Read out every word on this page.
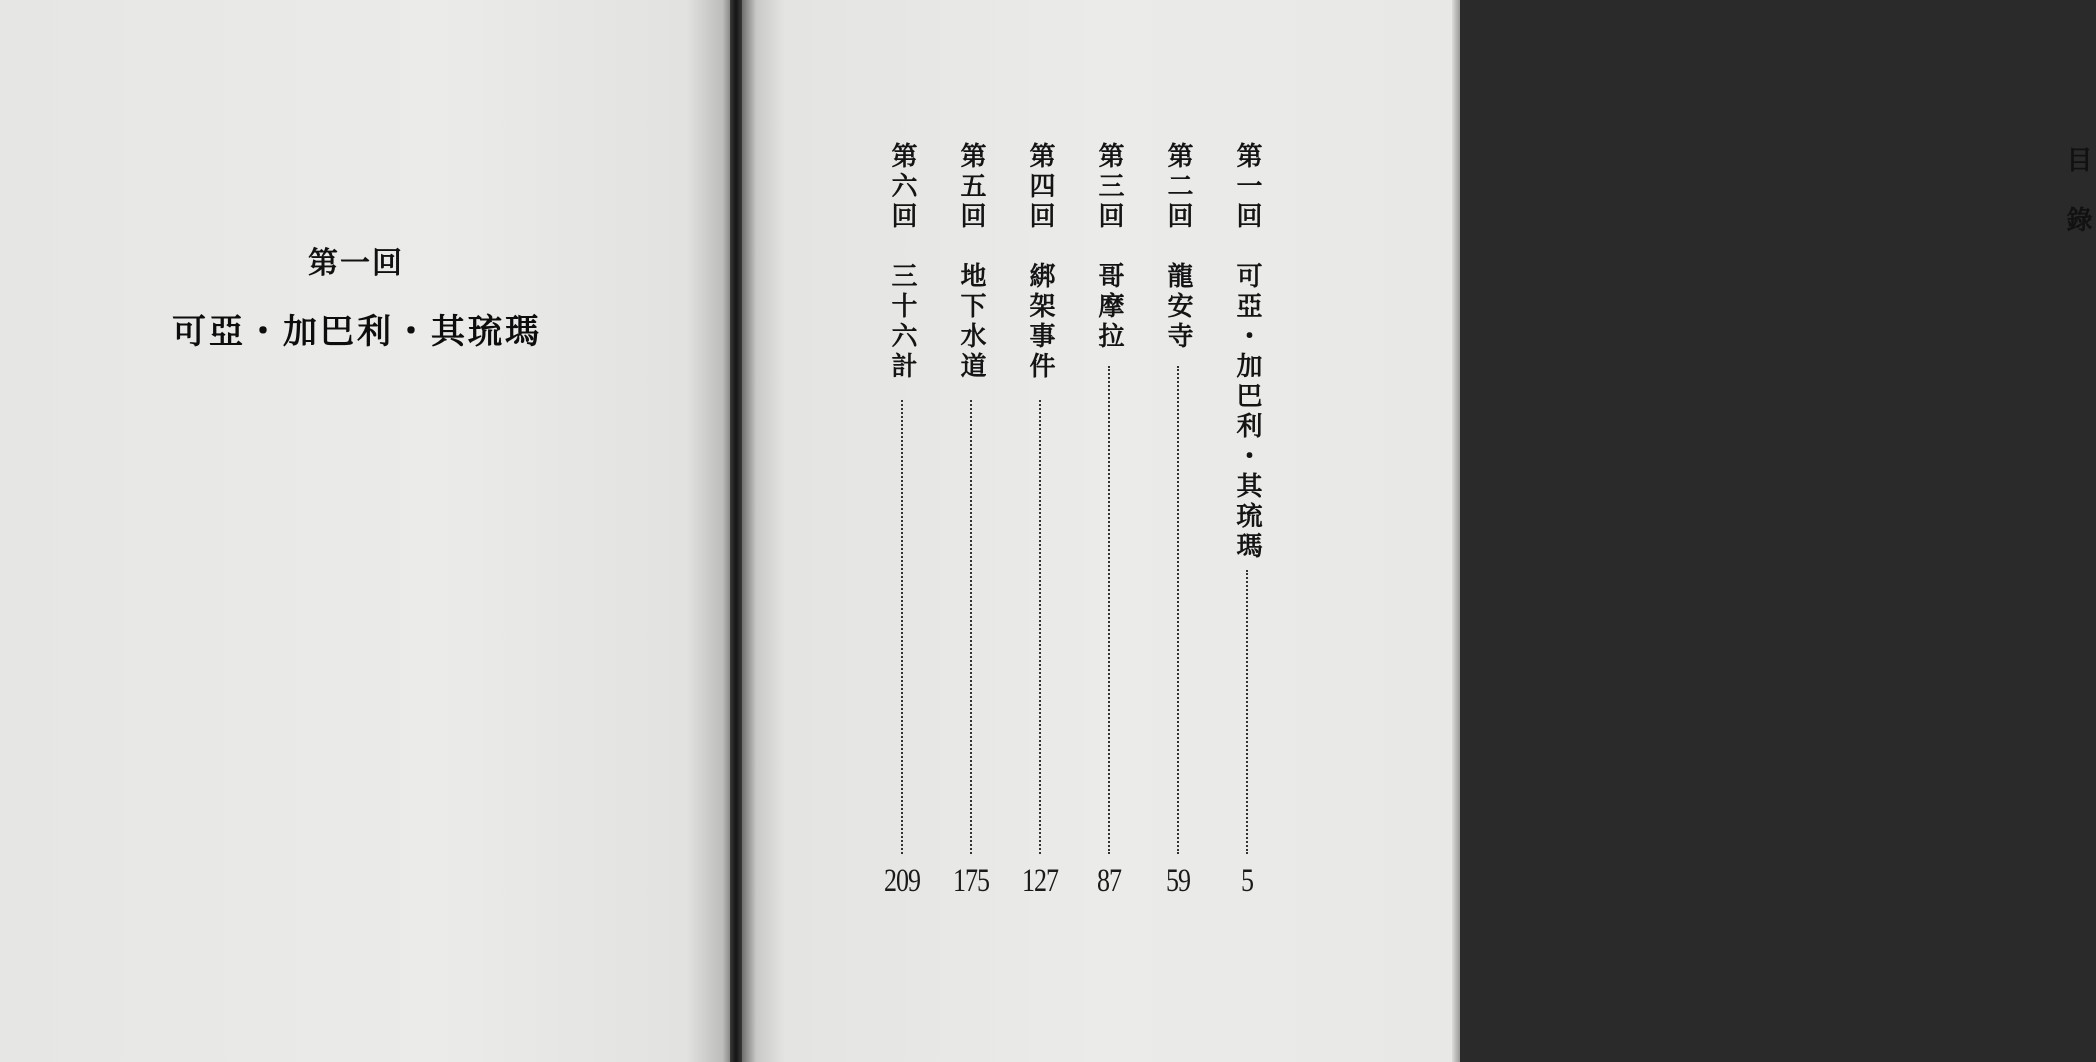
第一回
可亞・加巴利・其琉瑪
目錄
第一回　可亞・加巴利・其琉瑪
5
第二回　龍安寺
59
第三回　哥摩拉
87
第四回　綁架事件
127
第五回　地下水道
175
第六回　三十六計
209
